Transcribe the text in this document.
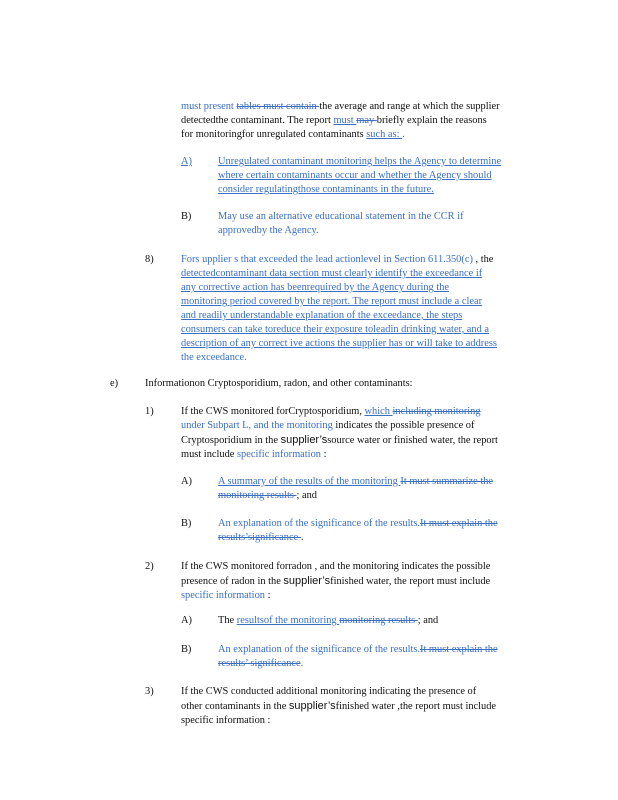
must present tables must contain the average and range at which the supplier
detectedthe contaminant. The report must may briefly explain the reasons
for monitoringfor unregulated contaminants such as: .
A)	Unregulated contaminant monitoring helps the Agency to determine
where certain contaminants occur and whether the Agency should
consider regulatingthose contaminants in the future.
B)	May use an alternative educational statement in the CCR if
approvedby the Agency.
8)	Fors upplier s that exceeded the lead actionlevel in Section 611.350(c) , the
detectedcontaminant data section must clearly identify the exceedance if
any corrective action has beenrequired by the Agency during the
monitoring period covered by the report. The report must include a clear
and readily understandable explanation of the exceedance, the steps
consumers can take toreduce their exposure toleadin drinking water, and a
description of any correct ive actions the supplier has or will take to address
the exceedance.
e)	Informationon Cryptosporidium, radon, and other contaminants:
1)	If the CWS monitored forCryptosporidium, which including monitoring
under Subpart L, and the monitoring indicates the possible presence of
Cryptosporidium in the supplier’ssource water or finished water, the report
must include specific information :
A)	A summary of the results of the monitoring It must summarize the
monitoring results ; and
B)	An explanation of the significance of the results.It must explain the
results’significance .
2)	If the CWS monitored forradon , and the monitoring indicates the possible
presence of radon in the supplier’sfinished water, the report must include
specific information :
A)	The resultsof the monitoring monitoring results ; and
B)	An explanation of the significance of the results.It must explain the
results’ significance.
3)	If the CWS conducted additional monitoring indicating the presence of
other contaminants in the supplier’sfinished water ,the report must include
specific information :
